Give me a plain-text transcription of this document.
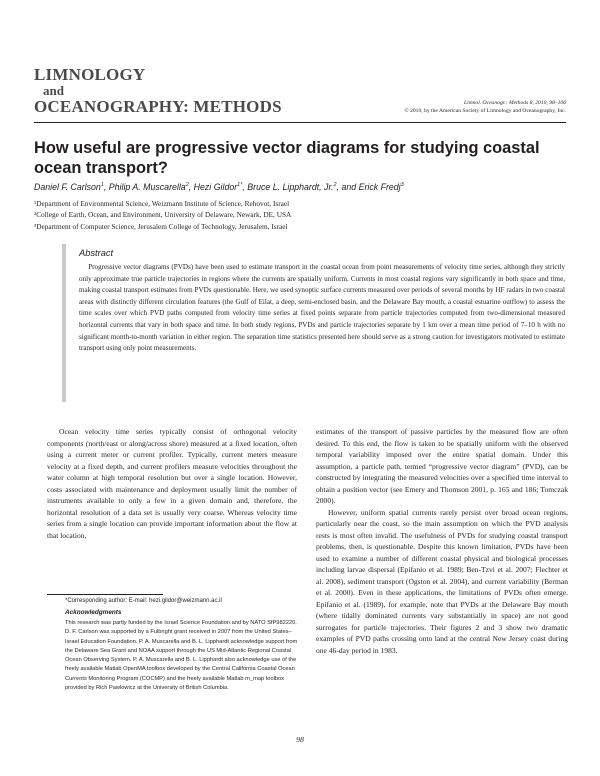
LIMNOLOGY
and
OCEANOGRAPHY: METHODS	Limnol. Oceanogr.: Methods 8, 2010, 98–106
© 2010, by the American Society of Limnology and Oceanography, Inc.
How useful are progressive vector diagrams for studying coastal ocean transport?
Daniel F. Carlson$^1$, Philip A. Muscarella$^2$, Hezi Gildor$^{1*}$, Bruce L. Lipphardt, Jr.$^2$, and Erick Fredj$^3$
¹Department of Environmental Science, Weizmann Institute of Science, Rehovot, Israel
²College of Earth, Ocean, and Environment, University of Delaware, Newark, DE, USA
³Department of Computer Science, Jerusalem College of Technology, Jerusalem, Israel
Abstract

  Progressive vector diagrams (PVDs) have been used to estimate transport in the coastal ocean from point measurements of velocity time series, although they strictly only approximate true particle trajectories in regions where the currents are spatially uniform. Currents in most coastal regions vary significantly in both space and time, making coastal transport estimates from PVDs questionable. Here, we used synoptic surface currents measured over periods of several months by HF radars in two coastal areas with distinctly different circulation features (the Gulf of Eilat, a deep, semi-enclosed basin, and the Delaware Bay mouth, a coastal estuarine outflow) to assess the time scales over which PVD paths computed from velocity time series at fixed points separate from particle trajectories computed from two-dimensional measured horizontal currents that vary in both space and time. In both study regions, PVDs and particle trajectories separate by 1 km over a mean time period of 7–10 h with no significant month-to-month variation in either region. The separation time statistics presented here should serve as a strong caution for investigators motivated to estimate transport using only point measurements.

Ocean velocity time series typically consist of orthogonal velocity components (north/east or along/across shore) measured at a fixed location, often using a current meter or current profiler. Typically, current meters measure velocity at a fixed depth, and current profilers measure velocities throughout the water column at high temporal resolution but over a single location. However, costs associated with maintenance and deployment usually limit the number of instruments available to only a few in a given domain and, therefore, the horizontal resolution of a data set is usually very coarse. Whereas velocity time series from a single location can provide important information about the flow at that location,

estimates of the transport of passive particles by the measured flow are often desired. To this end, the flow is taken to be spatially uniform with the observed temporal variability imposed over the entire spatial domain. Under this assumption, a particle path, termed “progressive vector diagram” (PVD), can be constructed by integrating the measured velocities over a specified time interval to obtain a position vector (see Emery and Thomson 2001, p. 165 and 186; Tomczak 2000).

However, uniform spatial currents rarely persist over broad ocean regions, particularly near the coast, so the main assumption on which the PVD analysis rests is most often invalid. The usefulness of PVDs for studying coastal transport problems, then, is questionable. Despite this known limitation, PVDs have been used to examine a number of different coastal physical and biological processes including larvae dispersal (Epifanio et al. 1989; Ben-Tzvi et al. 2007; Flechter et al. 2008), sediment transport (Ogston et al. 2004), and current variability (Berman et al. 2000). Even in these applications, the limitations of PVDs often emerge. Epifanio et al. (1989), for example, note that PVDs at the Delaware Bay mouth (where tidally dominated currents vary substantially in space) are not good surrogates for particle trajectories. Their figures 2 and 3 show two dramatic examples of PVD paths crossing onto land at the central New Jersey coast during one 46-day period in 1983.

*Corresponding author: E-mail: hezi.gildor@weizmann.ac.il
Acknowledgments
This research was partly funded by the Israel Science Foundation and by NATO SfP982220. D. F. Carlson was supported by a Fulbright grant received in 2007 from the United States–Israel Education Foundation. P. A. Muscarella and B. L. Lipphardt acknowledge support from the Delaware Sea Grant and NOAA support through the US Mid-Atlantic Regional Coastal Ocean Observing System. P. A. Muscarella and B. L. Lipphardt also acknowledge use of the freely available Matlab OpenMA toolbox developed by the Central California Coastal Ocean Currents Monitoring Program (COCMP) and the freely available Matlab m_map toolbox provided by Rich Pawlowicz at the University of British Columbia.
98
